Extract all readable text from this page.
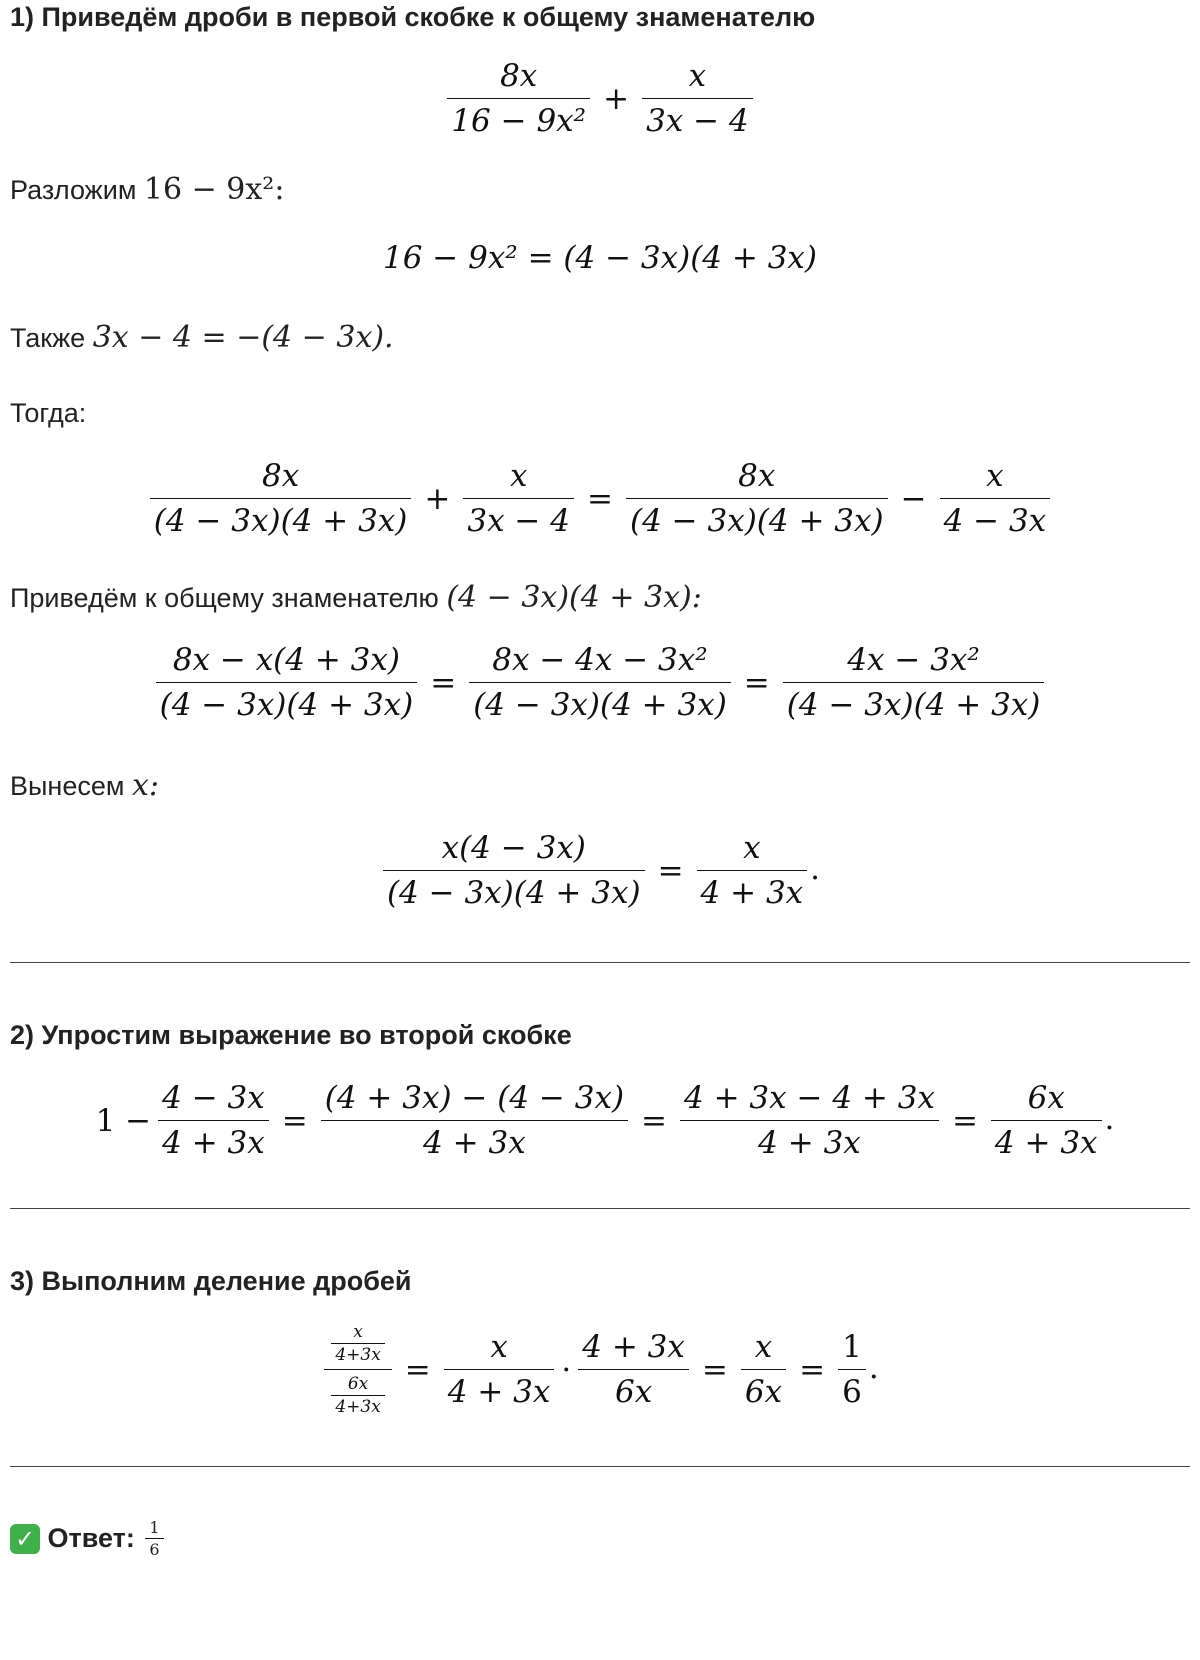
1) Приведём дроби в первой скобке к общему знаменателю
$\frac{8x}{\text{16 − 9x²}} + \frac{x}{3x - 4}$
Разложим 16 − 9x²:
16 − 9x² = (4 − 3x)(4 + 3x)
Также 3x − 4 = −(4 − 3x).
Тогда:
$\frac{8x}{(4 - 3x)(4 + 3x)} + \frac{x}{3x - 4} = \frac{8x}{(4 - 3x)(4 + 3x)} - \frac{x}{4 - 3x}$
Приведём к общему знаменателю (4 − 3x)(4 + 3x):
$\frac{8x - x(4 + 3x)}{(4 - 3x)(4 + 3x)} = \frac{\text{8x − 4x − 3x²}}{(4 - 3x)(4 + 3x)} = \frac{\text{4x − 3x²}}{(4 - 3x)(4 + 3x)}$
Вынесем x:
$\frac{x(4 - 3x)}{(4 - 3x)(4 + 3x)} = \frac{x}{4 + 3x}$ .
2) Упростим выражение во второй скобке
$1 - \frac{4 - 3x}{4 + 3x} = \frac{(4 + 3x) - (4 - 3x)}{4 + 3x} = \frac{4 + 3x - 4 + 3x}{4 + 3x} = \frac{6x}{4 + 3x}$ .
3) Выполним деление дробей
$\frac{\frac{x}{4+3x}}{\frac{6x}{4+3x}} = \frac{x}{4 + 3x} \cdot \frac{4 + 3x}{6x} = \frac{x}{6x} = \frac{1}{6}$ .
✓ Ответ: $\frac{1}{6}$
